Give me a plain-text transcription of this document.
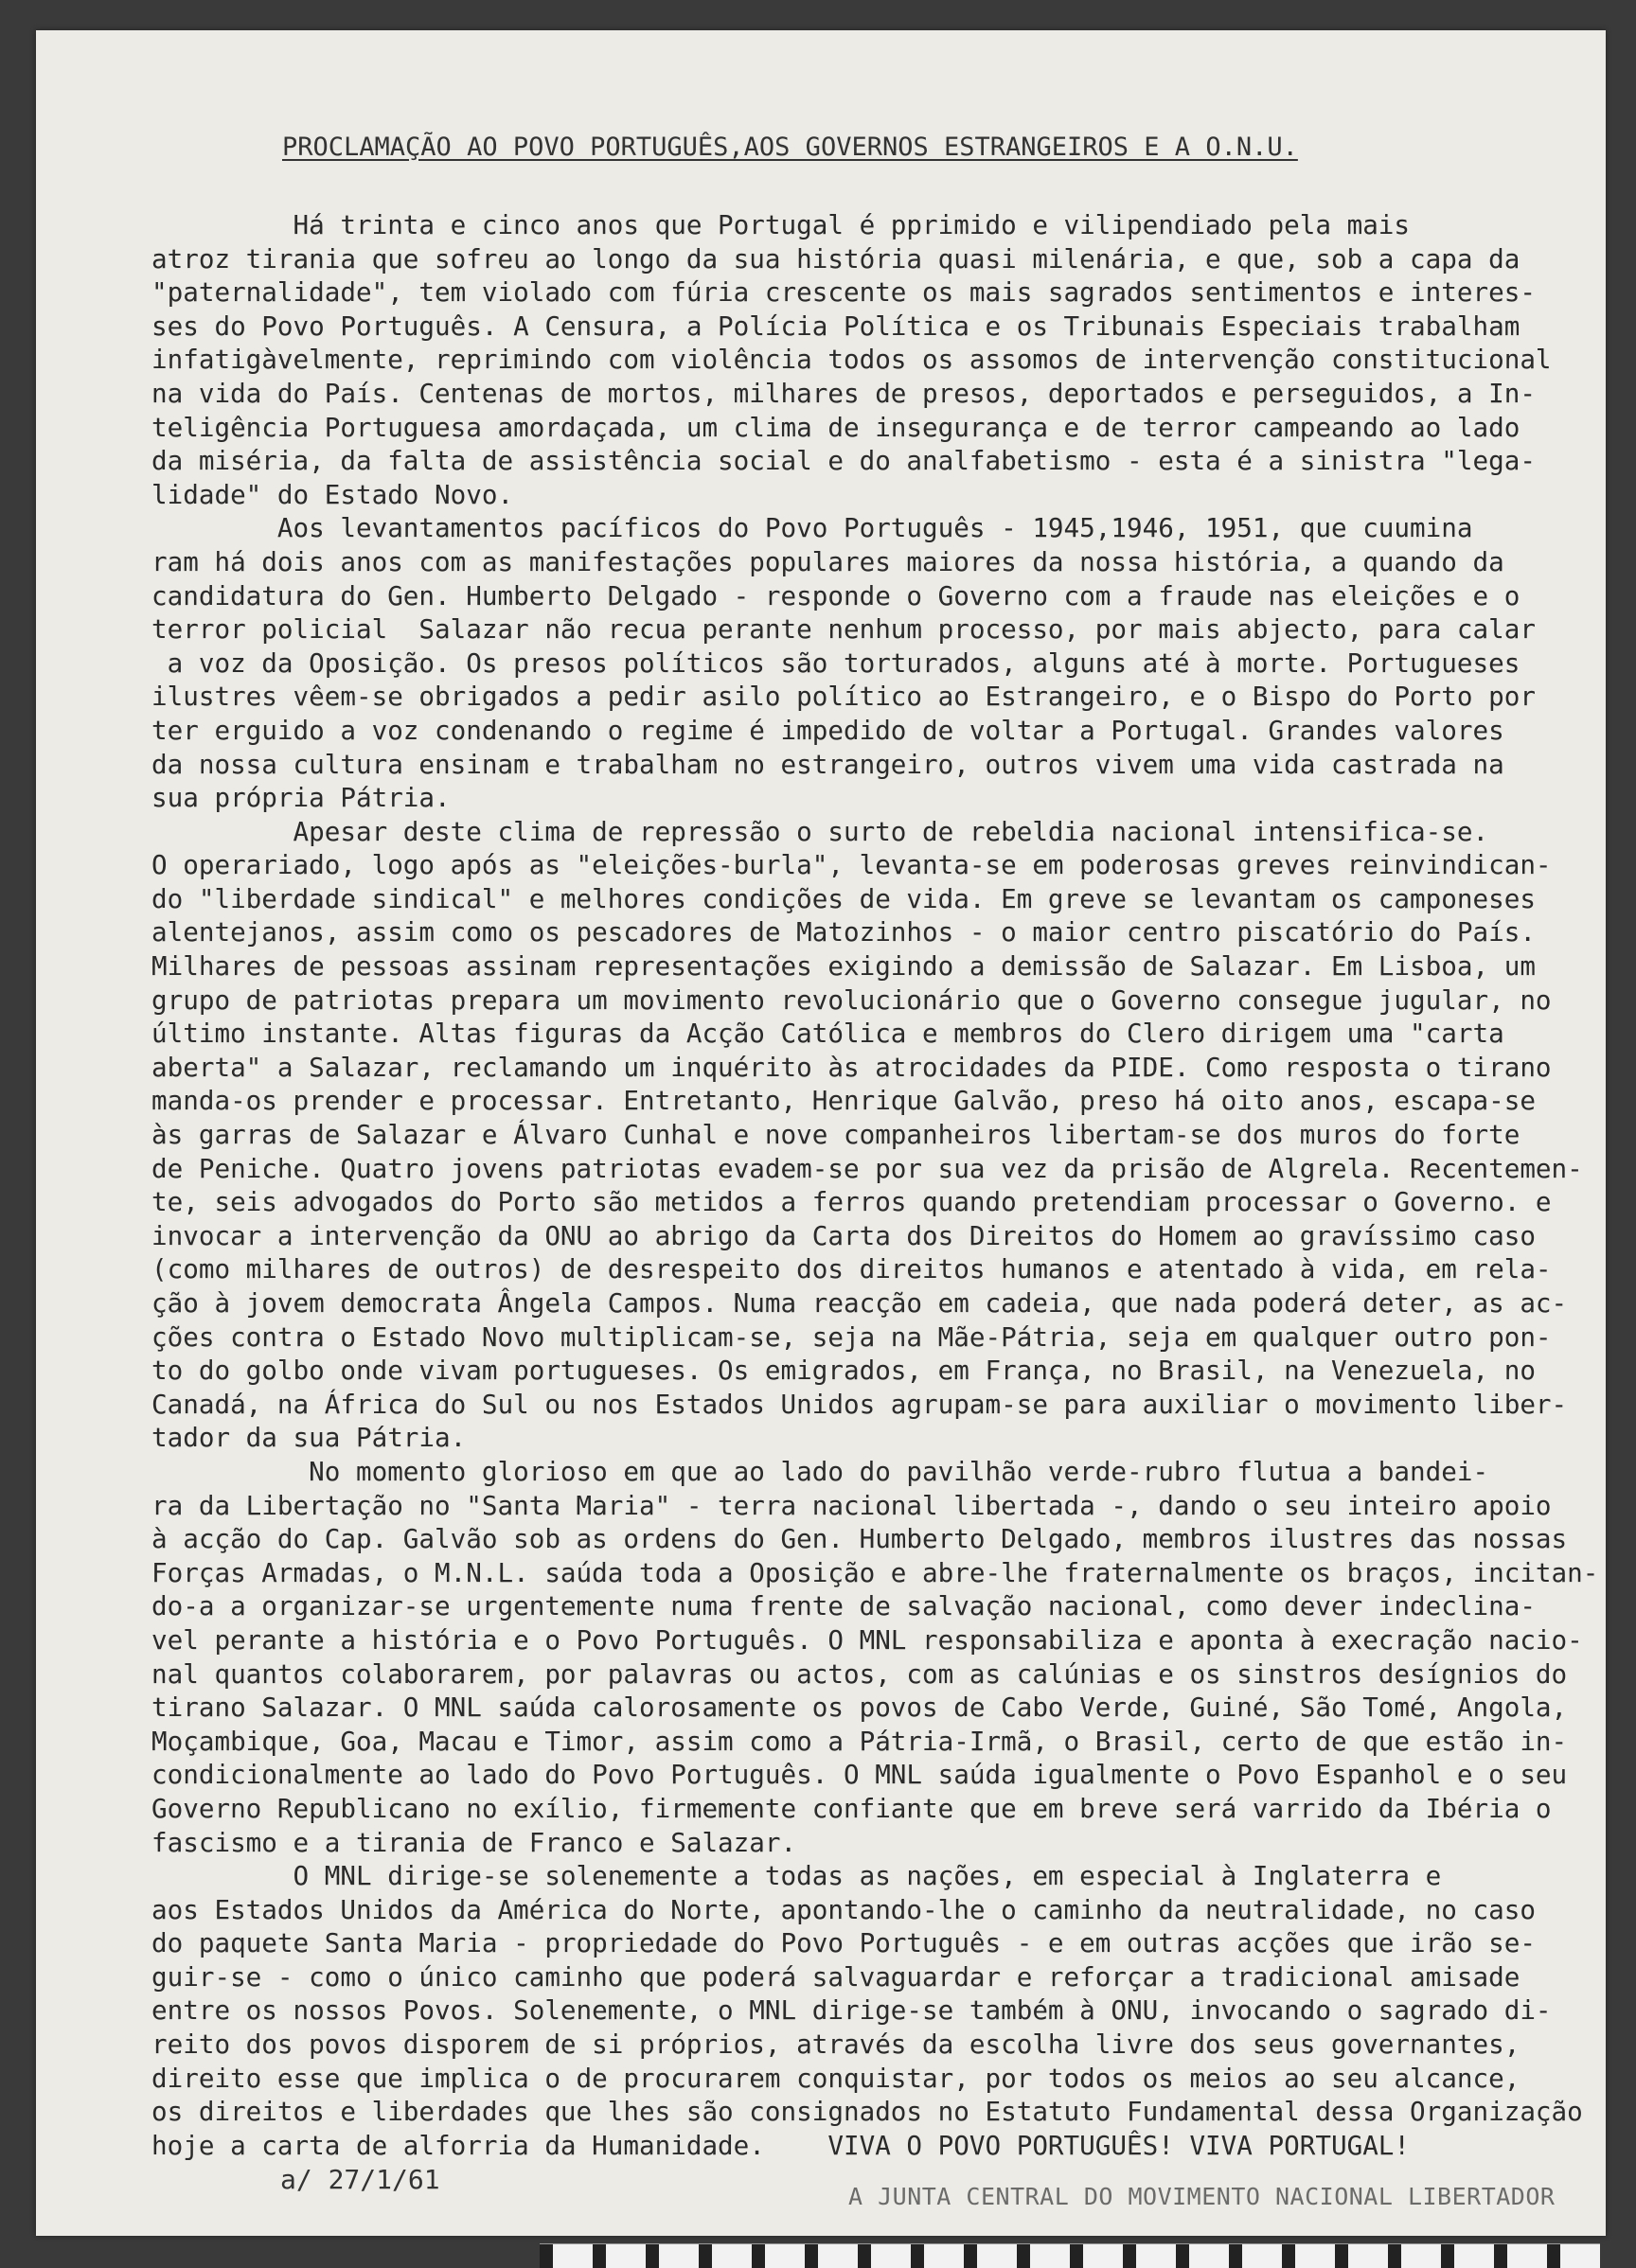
PROCLAMAÇÃO AO POVO PORTUGUÊS,AOS GOVERNOS ESTRANGEIROS E A O.N.U.
Há trinta e cinco anos que Portugal é pprimido e vilipendiado pela mais
atroz tirania que sofreu ao longo da sua história quasi milenária, e que, sob a capa da
"paternalidade", tem violado com fúria crescente os mais sagrados sentimentos e interes-
ses do Povo Português. A Censura, a Polícia Política e os Tribunais Especiais trabalham
infatigàvelmente, reprimindo com violência todos os assomos de intervenção constitucional
na vida do País. Centenas de mortos, milhares de presos, deportados e perseguidos, a In-
teligência Portuguesa amordaçada, um clima de insegurança e de terror campeando ao lado
da miséria, da falta de assistência social e do analfabetismo - esta é a sinistra "lega-
lidade" do Estado Novo.
Aos levantamentos pacíficos do Povo Português - 1945,1946, 1951, que cuumina
ram há dois anos com as manifestações populares maiores da nossa história, a quando da
candidatura do Gen. Humberto Delgado - responde o Governo com a fraude nas eleições e o
terror policial  Salazar não recua perante nenhum processo, por mais abjecto, para calar
a voz da Oposição. Os presos políticos são torturados, alguns até à morte. Portugueses
ilustres vêem-se obrigados a pedir asilo político ao Estrangeiro, e o Bispo do Porto por
ter erguido a voz condenando o regime é impedido de voltar a Portugal. Grandes valores
da nossa cultura ensinam e trabalham no estrangeiro, outros vivem uma vida castrada na
sua própria Pátria.
Apesar deste clima de repressão o surto de rebeldia nacional intensifica-se.
O operariado, logo após as "eleições-burla", levanta-se em poderosas greves reinvindican-
do "liberdade sindical" e melhores condições de vida. Em greve se levantam os camponeses
alentejanos, assim como os pescadores de Matozinhos - o maior centro piscatório do País.
Milhares de pessoas assinam representações exigindo a demissão de Salazar. Em Lisboa, um
grupo de patriotas prepara um movimento revolucionário que o Governo consegue jugular, no
último instante. Altas figuras da Acção Católica e membros do Clero dirigem uma "carta
aberta" a Salazar, reclamando um inquérito às atrocidades da PIDE. Como resposta o tirano
manda-os prender e processar. Entretanto, Henrique Galvão, preso há oito anos, escapa-se
às garras de Salazar e Álvaro Cunhal e nove companheiros libertam-se dos muros do forte
de Peniche. Quatro jovens patriotas evadem-se por sua vez da prisão de Algrela. Recentemen-
te, seis advogados do Porto são metidos a ferros quando pretendiam processar o Governo. e
invocar a intervenção da ONU ao abrigo da Carta dos Direitos do Homem ao gravíssimo caso
(como milhares de outros) de desrespeito dos direitos humanos e atentado à vida, em rela-
ção à jovem democrata Ângela Campos. Numa reacção em cadeia, que nada poderá deter, as ac-
ções contra o Estado Novo multiplicam-se, seja na Mãe-Pátria, seja em qualquer outro pon-
to do golbo onde vivam portugueses. Os emigrados, em França, no Brasil, na Venezuela, no
Canadá, na África do Sul ou nos Estados Unidos agrupam-se para auxiliar o movimento liber-
tador da sua Pátria.
No momento glorioso em que ao lado do pavilhão verde-rubro flutua a bandei-
ra da Libertação no "Santa Maria" - terra nacional libertada -, dando o seu inteiro apoio
à acção do Cap. Galvão sob as ordens do Gen. Humberto Delgado, membros ilustres das nossas
Forças Armadas, o M.N.L. saúda toda a Oposição e abre-lhe fraternalmente os braços, incitan-
do-a a organizar-se urgentemente numa frente de salvação nacional, como dever indeclina-
vel perante a história e o Povo Português. O MNL responsabiliza e aponta à execração nacio-
nal quantos colaborarem, por palavras ou actos, com as calúnias e os sinstros desígnios do
tirano Salazar. O MNL saúda calorosamente os povos de Cabo Verde, Guiné, São Tomé, Angola,
Moçambique, Goa, Macau e Timor, assim como a Pátria-Irmã, o Brasil, certo de que estão in-
condicionalmente ao lado do Povo Português. O MNL saúda igualmente o Povo Espanhol e o seu
Governo Republicano no exílio, firmemente confiante que em breve será varrido da Ibéria o
fascismo e a tirania de Franco e Salazar.
O MNL dirige-se solenemente a todas as nações, em especial à Inglaterra e
aos Estados Unidos da América do Norte, apontando-lhe o caminho da neutralidade, no caso
do paquete Santa Maria - propriedade do Povo Português - e em outras acções que irão se-
guir-se - como o único caminho que poderá salvaguardar e reforçar a tradicional amisade
entre os nossos Povos. Solenemente, o MNL dirige-se também à ONU, invocando o sagrado di-
reito dos povos disporem de si próprios, através da escolha livre dos seus governantes,
direito esse que implica o de procurarem conquistar, por todos os meios ao seu alcance,
os direitos e liberdades que lhes são consignados no Estatuto Fundamental dessa Organização
hoje a carta de alforria da Humanidade.    VIVA O POVO PORTUGUÊS! VIVA PORTUGAL!
a/ 27/1/61
A JUNTA CENTRAL DO MOVIMENTO NACIONAL LIBERTADOR
